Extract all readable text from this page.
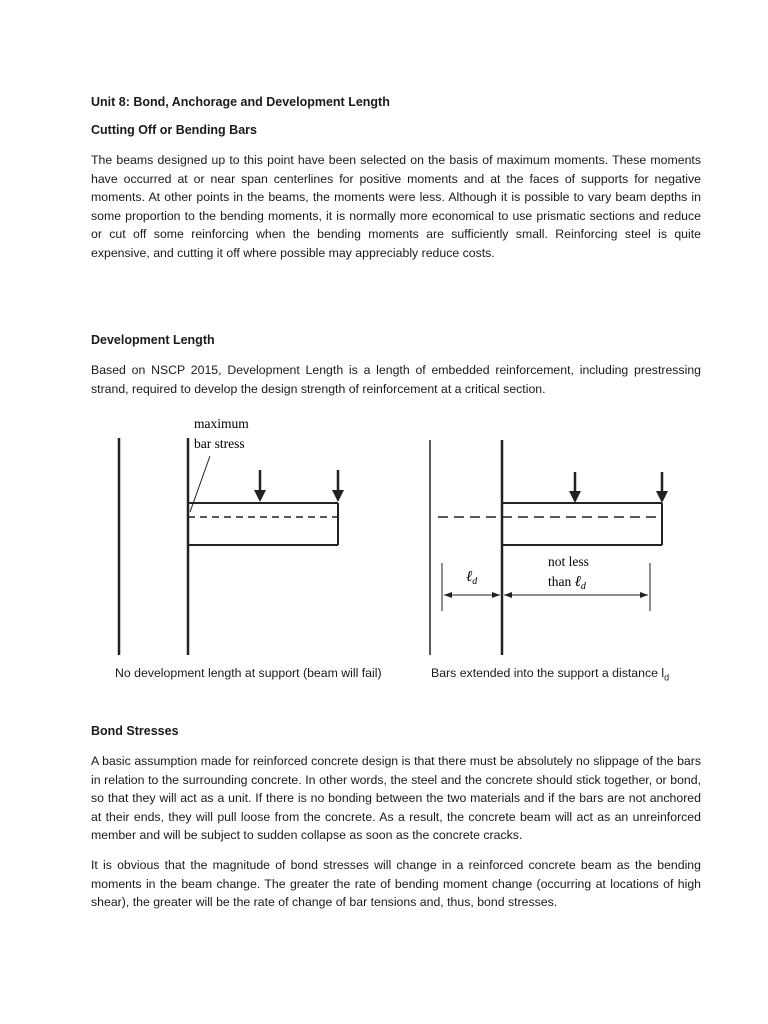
Unit 8: Bond, Anchorage and Development Length
Cutting Off or Bending Bars

The beams designed up to this point have been selected on the basis of maximum moments. These moments have occurred at or near span centerlines for positive moments and at the faces of supports for negative moments. At other points in the beams, the moments were less. Although it is possible to vary beam depths in some proportion to the bending moments, it is normally more economical to use prismatic sections and reduce or cut off some reinforcing when the bending moments are sufficiently small. Reinforcing steel is quite expensive, and cutting it off where possible may appreciably reduce costs.

Development Length

Based on NSCP 2015, Development Length is a length of embedded reinforcement, including prestressing strand, required to develop the design strength of reinforcement at a critical section.

Bond Stresses

A basic assumption made for reinforced concrete design is that there must be absolutely no slippage of the bars in relation to the surrounding concrete. In other words, the steel and the concrete should stick together, or bond, so that they will act as a unit. If there is no bonding between the two materials and if the bars are not anchored at their ends, they will pull loose from the concrete. As a result, the concrete beam will act as an unreinforced member and will be subject to sudden collapse as soon as the concrete cracks.

It is obvious that the magnitude of bond stresses will change in a reinforced concrete beam as the bending moments in the beam change. The greater the rate of bending moment change (occurring at locations of high shear), the greater will be the rate of change of bar tensions and, thus, bond stresses.

maximum
bar stress
ℓ$_d$
not less
than ℓ$_d$
No development length at support (beam will fail)	Bars extended into the support a distance $l_d$
